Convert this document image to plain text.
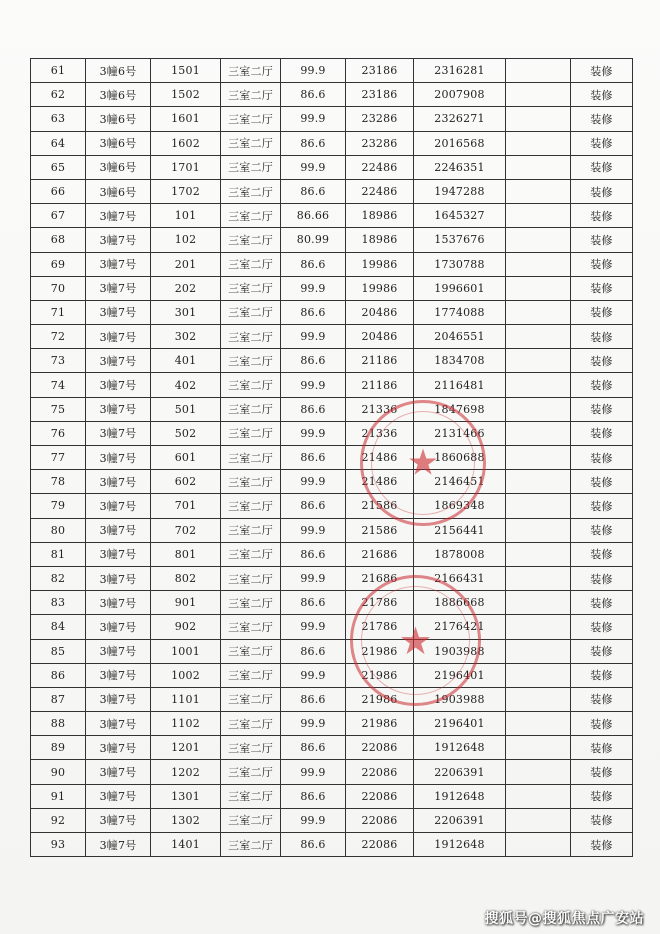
61	3幢6号	1501	三室二厅	99.9	23186	2316281		装修
62	3幢6号	1502	三室二厅	86.6	23186	2007908		装修
63	3幢6号	1601	三室二厅	99.9	23286	2326271		装修
64	3幢6号	1602	三室二厅	86.6	23286	2016568		装修
65	3幢6号	1701	三室二厅	99.9	22486	2246351		装修
66	3幢6号	1702	三室二厅	86.6	22486	1947288		装修
67	3幢7号	101	三室二厅	86.66	18986	1645327		装修
68	3幢7号	102	三室二厅	80.99	18986	1537676		装修
69	3幢7号	201	三室二厅	86.6	19986	1730788		装修
70	3幢7号	202	三室二厅	99.9	19986	1996601		装修
71	3幢7号	301	三室二厅	86.6	20486	1774088		装修
72	3幢7号	302	三室二厅	99.9	20486	2046551		装修
73	3幢7号	401	三室二厅	86.6	21186	1834708		装修
74	3幢7号	402	三室二厅	99.9	21186	2116481		装修
75	3幢7号	501	三室二厅	86.6	21336	1847698		装修
76	3幢7号	502	三室二厅	99.9	21336	2131466		装修
77	3幢7号	601	三室二厅	86.6	21486	1860688		装修
78	3幢7号	602	三室二厅	99.9	21486	2146451		装修
79	3幢7号	701	三室二厅	86.6	21586	1869348		装修
80	3幢7号	702	三室二厅	99.9	21586	2156441		装修
81	3幢7号	801	三室二厅	86.6	21686	1878008		装修
82	3幢7号	802	三室二厅	99.9	21686	2166431		装修
83	3幢7号	901	三室二厅	86.6	21786	1886668		装修
84	3幢7号	902	三室二厅	99.9	21786	2176421		装修
85	3幢7号	1001	三室二厅	86.6	21986	1903988		装修
86	3幢7号	1002	三室二厅	99.9	21986	2196401		装修
87	3幢7号	1101	三室二厅	86.6	21986	1903988		装修
88	3幢7号	1102	三室二厅	99.9	21986	2196401		装修
89	3幢7号	1201	三室二厅	86.6	22086	1912648		装修
90	3幢7号	1202	三室二厅	99.9	22086	2206391		装修
91	3幢7号	1301	三室二厅	86.6	22086	1912648		装修
92	3幢7号	1302	三室二厅	99.9	22086	2206391		装修
93	3幢7号	1401	三室二厅	86.6	22086	1912648		装修
★
★
搜狐号@搜狐焦点广安站
